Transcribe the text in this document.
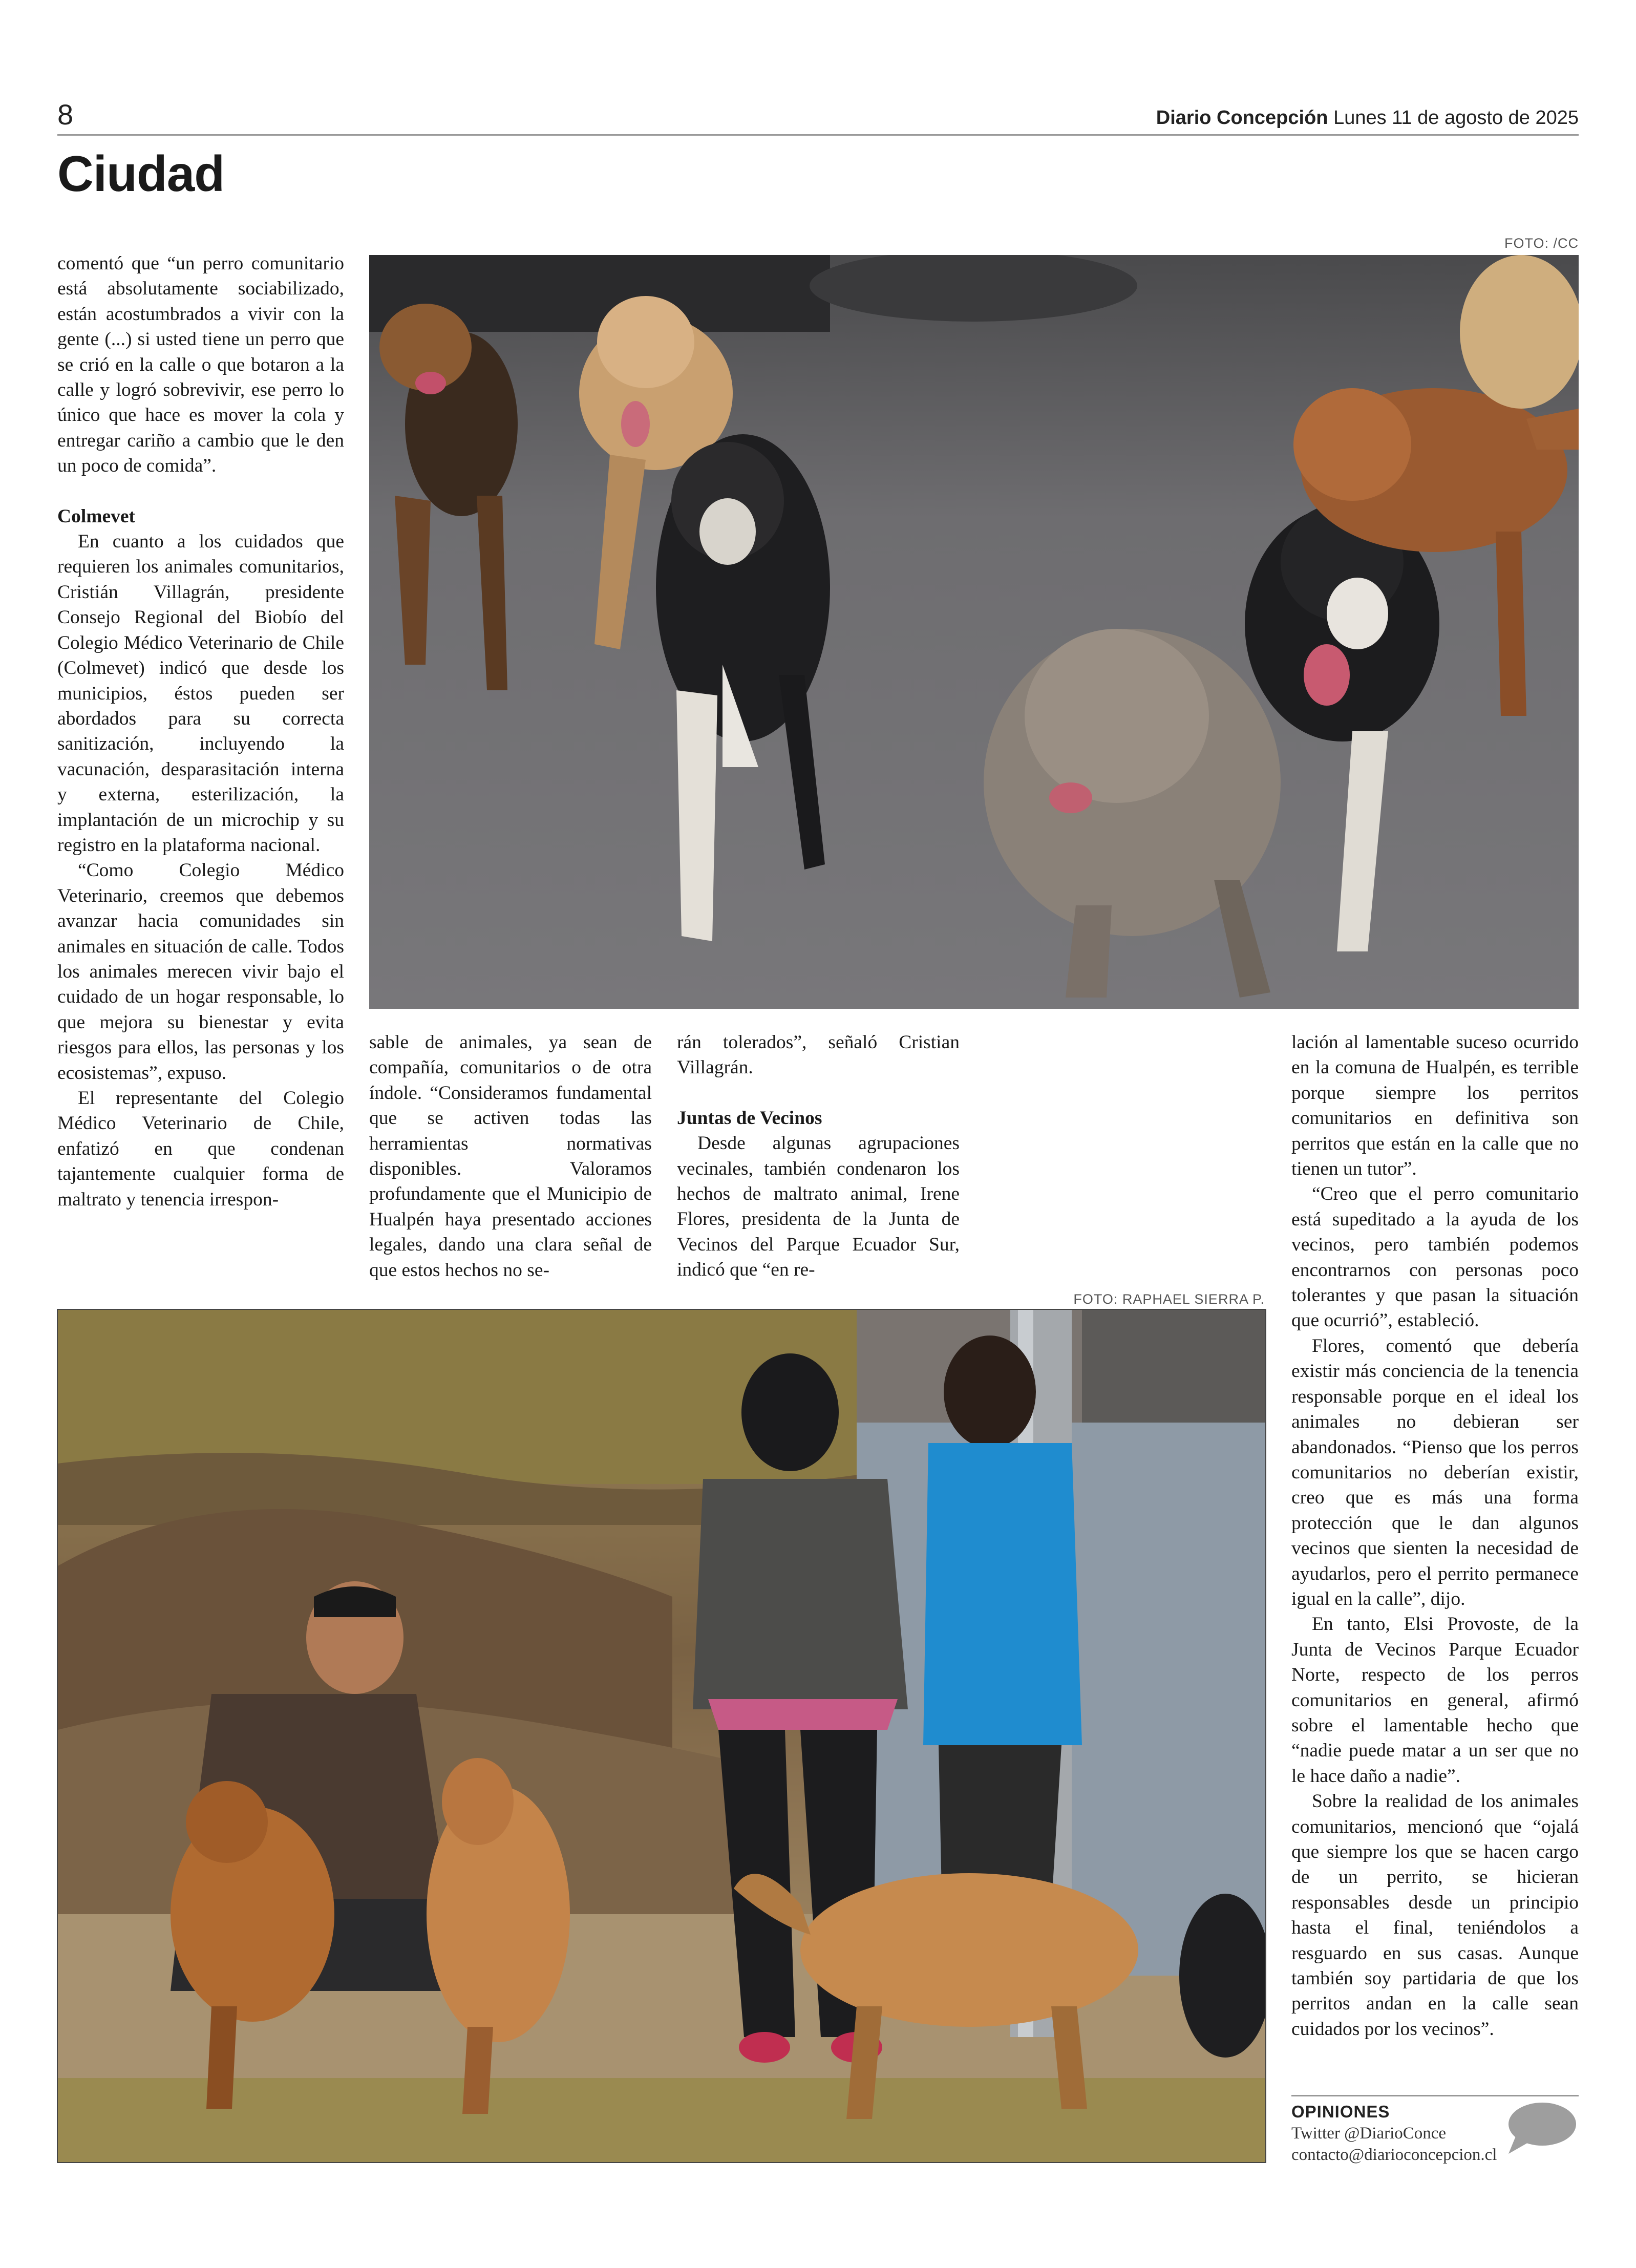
8	Diario Concepción Lunes 11 de agosto de 2025
Ciudad
FOTO: /CC

comentó que “un perro comunitario está absolutamente sociabilizado, están acostumbrados a vivir con la gente (...) si usted tiene un perro que se crió en la calle o que botaron a la calle y logró sobrevivir, ese perro lo único que hace es mover la cola y entregar cariño a cambio que le den un poco de comida”.

Colmevet

En cuanto a los cuidados que requieren los animales comunitarios, Cristián Villagrán, presidente Consejo Regional del Biobío del Colegio Médico Veterinario de Chile (Colmevet) indicó que desde los municipios, éstos pueden ser abordados para su correcta sanitización, incluyendo la vacunación, desparasitación interna y externa, esterilización, la implantación de un microchip y su registro en la plataforma nacional.

“Como Colegio Médico Veterinario, creemos que debemos avanzar hacia comunidades sin animales en situación de calle. Todos los animales merecen vivir bajo el cuidado de un hogar responsable, lo que mejora su bienestar y evita riesgos para ellos, las personas y los ecosistemas”, expuso.

El representante del Colegio Médico Veterinario de Chile, enfatizó en que condenan tajantemente cualquier forma de maltrato y tenencia irrespon-

sable de animales, ya sean de compañía, comunitarios o de otra índole. “Consideramos fundamental que se activen todas las herramientas normativas disponibles. Valoramos profundamente que el Municipio de Hualpén haya presentado acciones legales, dando una clara señal de que estos hechos no se-

rán tolerados”, señaló Cristian Villagrán.

Juntas de Vecinos

Desde algunas agrupaciones vecinales, también condenaron los hechos de maltrato animal, Irene Flores, presidenta de la Junta de Vecinos del Parque Ecuador Sur, indicó que “en re-

FOTO: RAPHAEL SIERRA P.

lación al lamentable suceso ocurrido en la comuna de Hualpén, es terrible porque siempre los perritos comunitarios en definitiva son perritos que están en la calle que no tienen un tutor”.

“Creo que el perro comunitario está supeditado a la ayuda de los vecinos, pero también podemos encontrarnos con personas poco tolerantes y que pasan la situación que ocurrió”, estableció.

Flores, comentó que debería existir más conciencia de la tenencia responsable porque en el ideal los animales no debieran ser abandonados. “Pienso que los perros comunitarios no deberían existir, creo que es más una forma protección que le dan algunos vecinos que sienten la necesidad de ayudarlos, pero el perrito permanece igual en la calle”, dijo.

En tanto, Elsi Provoste, de la Junta de Vecinos Parque Ecuador Norte, respecto de los perros comunitarios en general, afirmó sobre el lamentable hecho que “nadie puede matar a un ser que no le hace daño a nadie”.

Sobre la realidad de los animales comunitarios, mencionó que “ojalá que siempre los que se hacen cargo de un perrito, se hicieran responsables desde un principio hasta el final, teniéndolos a resguardo en sus casas. Aunque también soy partidaria de que los perritos andan en la calle sean cuidados por los vecinos”.

OPINIONES
Twitter @DiarioConce
contacto@diarioconcepcion.cl
